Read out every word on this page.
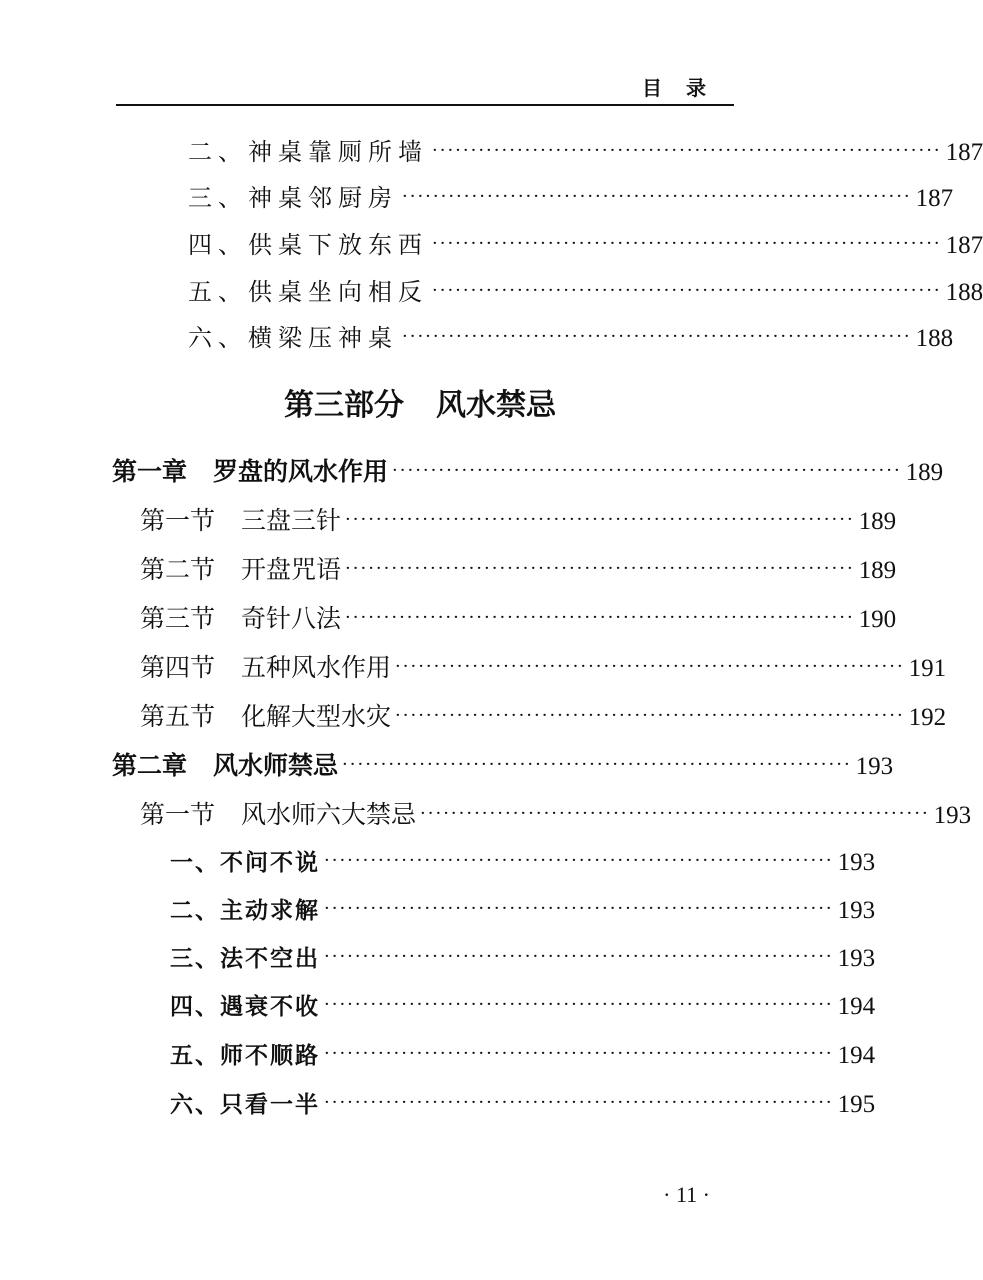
目录
二、神桌靠厕所墙 ·································································· 187
三、神桌邻厨房 ·································································· 187
四、供桌下放东西 ·································································· 187
五、供桌坐向相反 ·································································· 188
六、横梁压神桌 ·································································· 188
第三部分 风水禁忌
第一章 罗盘的风水作用 ·································································· 189
第一节 三盘三针 ·································································· 189
第二节 开盘咒语 ·································································· 189
第三节 奇针八法 ·································································· 190
第四节 五种风水作用 ·································································· 191
第五节 化解大型水灾 ·································································· 192
第二章 风水师禁忌 ·································································· 193
第一节 风水师六大禁忌 ·································································· 193
一、不问不说 ·································································· 193
二、主动求解 ·································································· 193
三、法不空出 ·································································· 193
四、遇衰不收 ·································································· 194
五、师不顺路 ·································································· 194
六、只看一半 ·································································· 195
· 11 ·
